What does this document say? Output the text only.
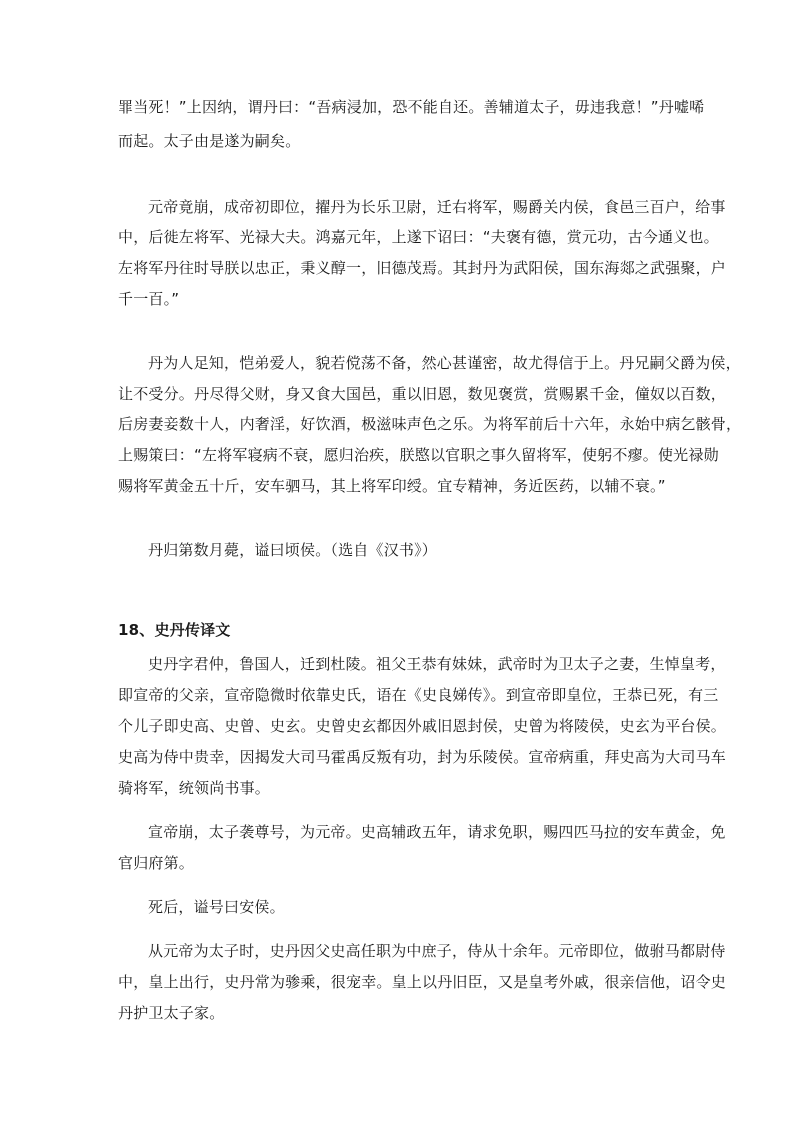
罪当死！”上因纳，谓丹曰：“吾病浸加，恐不能自还。善辅道太子，毋违我意！”丹嘘唏
而起。太子由是遂为嗣矣。
元帝竟崩，成帝初即位，擢丹为长乐卫尉，迁右将军，赐爵关内侯，食邑三百户，给事
中，后徙左将军、光禄大夫。鸿嘉元年，上遂下诏曰：“夫褒有德，赏元功，古今通义也。
左将军丹往时导朕以忠正，秉义醇一，旧德茂焉。其封丹为武阳侯，国东海郯之武强聚，户
千一百。”
丹为人足知，恺弟爱人，貌若傥荡不备，然心甚谨密，故尤得信于上。丹兄嗣父爵为侯，
让不受分。丹尽得父财，身又食大国邑，重以旧恩，数见褒赏，赏赐累千金，僮奴以百数，
后房妻妾数十人，内奢淫，好饮酒，极滋味声色之乐。为将军前后十六年，永始中病乞骸骨，
上赐策曰：“左将军寝病不衰，愿归治疾，朕愍以官职之事久留将军，使躬不瘳。使光禄勋
赐将军黄金五十斤，安车驷马，其上将军印绶。宜专精神，务近医药，以辅不衰。”
丹归第数月薨，谥曰顷侯。（选自《汉书》）
18、史丹传译文
史丹字君仲，鲁国人，迁到杜陵。祖父王恭有妹妹，武帝时为卫太子之妻，生悼皇考，
即宣帝的父亲，宣帝隐微时依靠史氏，语在《史良娣传》。到宣帝即皇位，王恭已死，有三
个儿子即史高、史曾、史玄。史曾史玄都因外戚旧恩封侯，史曾为将陵侯，史玄为平台侯。
史高为侍中贵幸，因揭发大司马霍禹反叛有功，封为乐陵侯。宣帝病重，拜史高为大司马车
骑将军，统领尚书事。
宣帝崩，太子袭尊号，为元帝。史高辅政五年，请求免职，赐四匹马拉的安车黄金，免
官归府第。
死后，谥号曰安侯。
从元帝为太子时，史丹因父史高任职为中庶子，侍从十余年。元帝即位，做驸马都尉侍
中，皇上出行，史丹常为骖乘，很宠幸。皇上以丹旧臣，又是皇考外戚，很亲信他，诏令史
丹护卫太子家。
